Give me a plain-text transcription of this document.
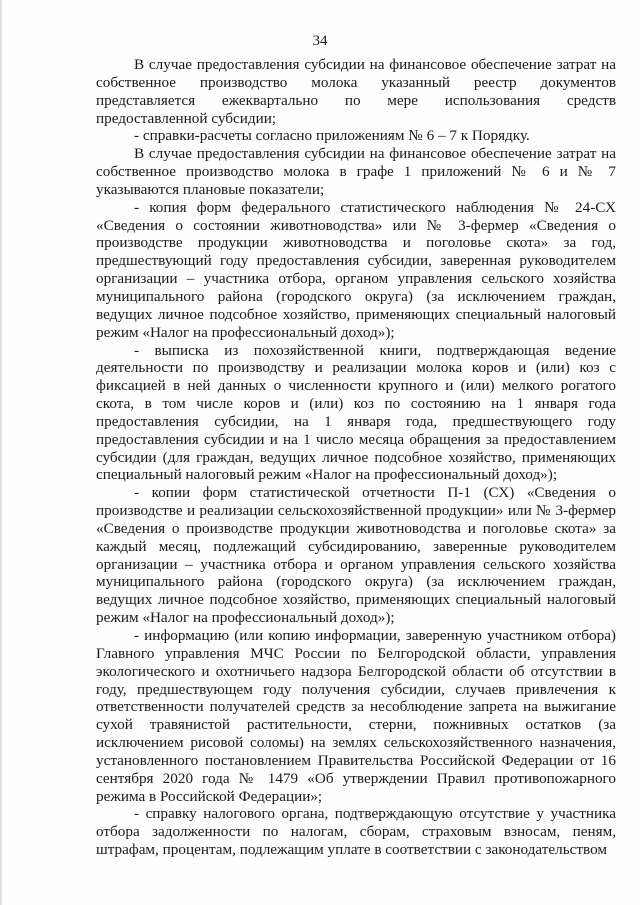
34

В случае предоставления субсидии на финансовое обеспечение затрат на собственное производство молока указанный реестр документов представляется ежеквартально по мере использования средств предоставленной субсидии;

- справки-расчеты согласно приложениям № 6 – 7 к Порядку.

В случае предоставления субсидии на финансовое обеспечение затрат на собственное производство молока в графе 1 приложений № 6 и № 7 указываются плановые показатели;

- копия форм федерального статистического наблюдения № 24-СХ «Сведения о состоянии животноводства» или № 3-фермер «Сведения о производстве продукции животноводства и поголовье скота» за год, предшествующий году предоставления субсидии, заверенная руководителем организации – участника отбора, органом управления сельского хозяйства муниципального района (городского округа) (за исключением граждан, ведущих личное подсобное хозяйство, применяющих специальный налоговый режим «Налог на профессиональный доход»);

- выписка из похозяйственной книги, подтверждающая ведение деятельности по производству и реализации молока коров и (или) коз с фиксацией в ней данных о численности крупного и (или) мелкого рогатого скота, в том числе коров и (или) коз по состоянию на 1 января года предоставления субсидии, на 1 января года, предшествующего году предоставления субсидии и на 1 число месяца обращения за предоставлением субсидии (для граждан, ведущих личное подсобное хозяйство, применяющих специальный налоговый режим «Налог на профессиональный доход»);

- копии форм статистической отчетности П-1 (СХ) «Сведения о производстве и реализации сельскохозяйственной продукции» или № 3-фермер «Сведения о производстве продукции животноводства и поголовье скота» за каждый месяц, подлежащий субсидированию, заверенные руководителем организации – участника отбора и органом управления сельского хозяйства муниципального района (городского округа) (за исключением граждан, ведущих личное подсобное хозяйство, применяющих специальный налоговый режим «Налог на профессиональный доход»);

- информацию (или копию информации, заверенную участником отбора) Главного управления МЧС России по Белгородской области, управления экологического и охотничьего надзора Белгородской области об отсутствии в году, предшествующем году получения субсидии, случаев привлечения к ответственности получателей средств за несоблюдение запрета на выжигание сухой травянистой растительности, стерни, пожнивных остатков (за исключением рисовой соломы) на землях сельскохозяйственного назначения, установленного постановлением Правительства Российской Федерации от 16 сентября 2020 года № 1479 «Об утверждении Правил противопожарного режима в Российской Федерации»;

- справку налогового органа, подтверждающую отсутствие у участника отбора задолженности по налогам, сборам, страховым взносам, пеням, штрафам, процентам, подлежащим уплате в соответствии с законодательством
